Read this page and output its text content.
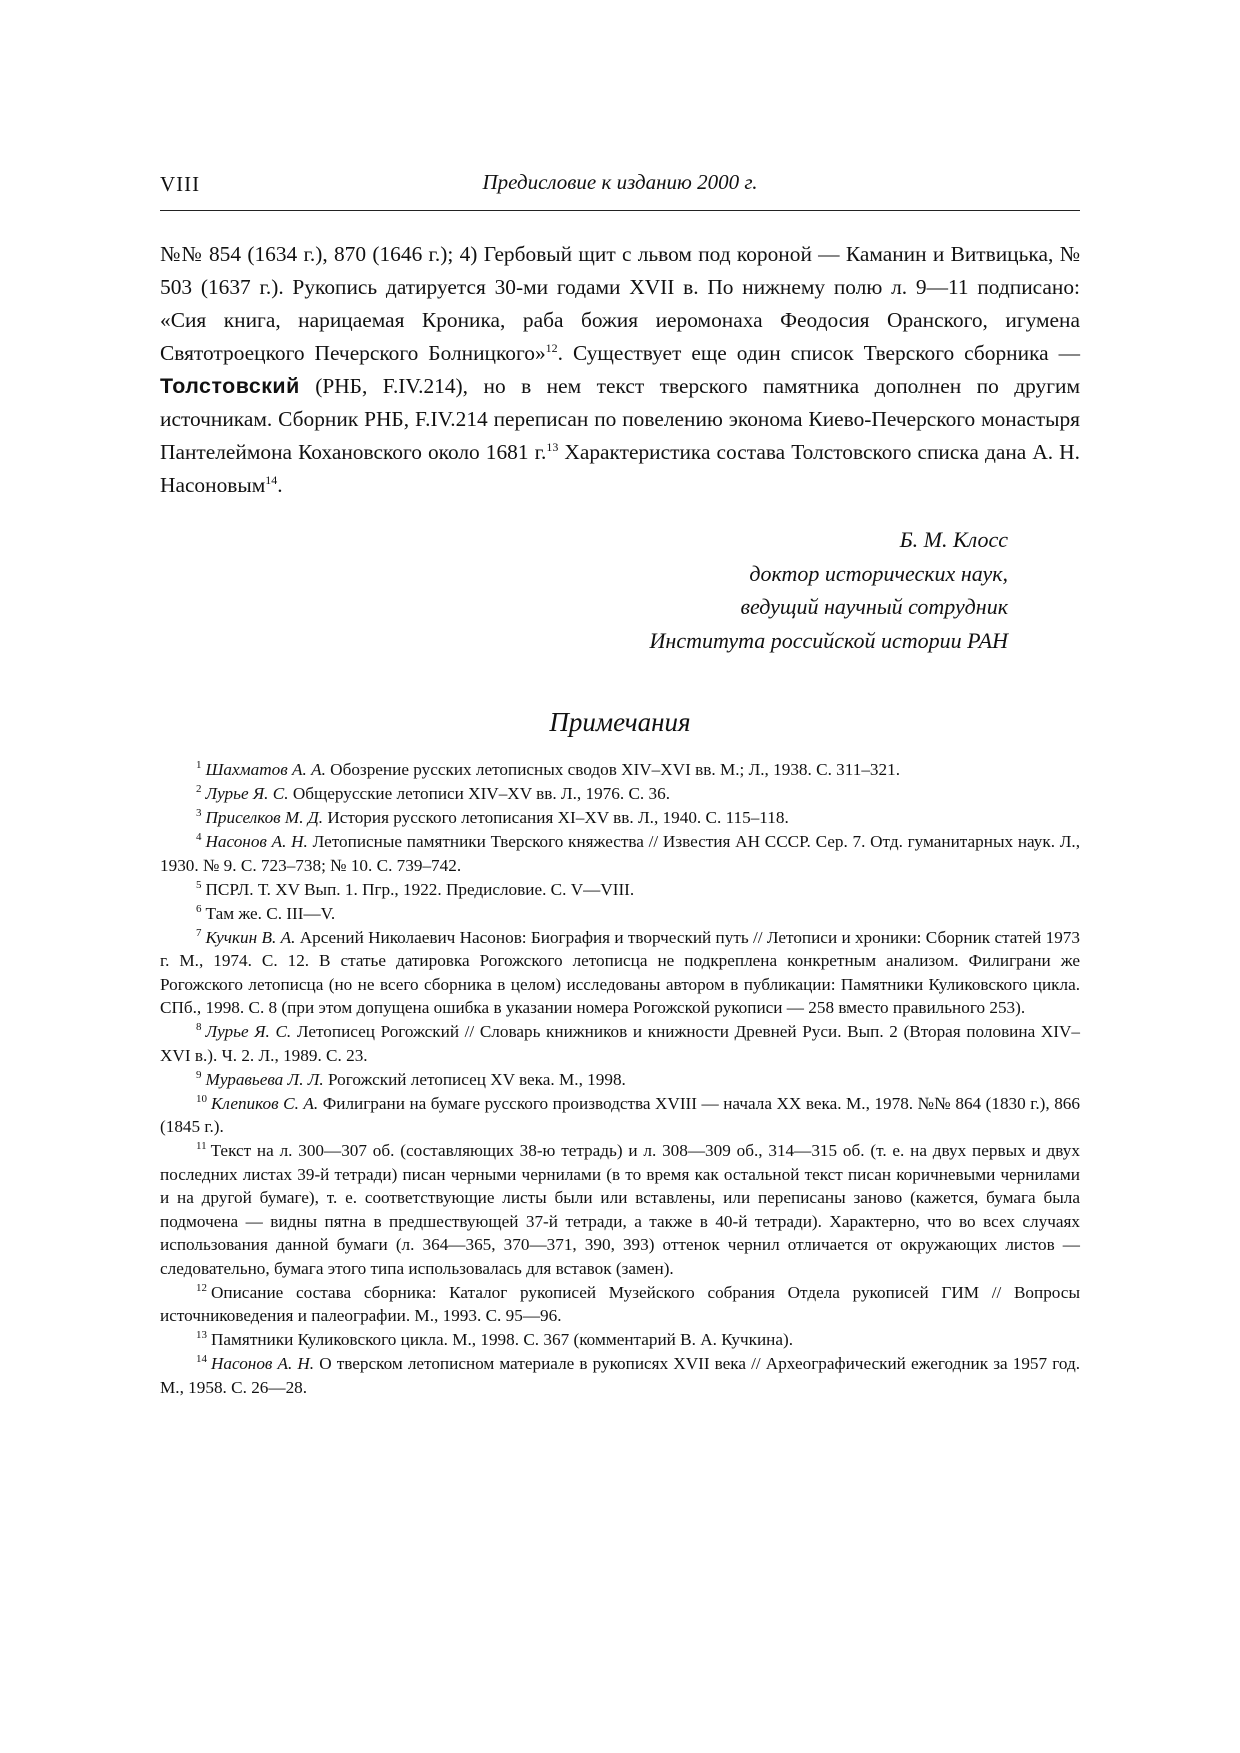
VIII	Предисловие к изданию 2000 г.

№№ 854 (1634 г.), 870 (1646 г.); 4) Гербовый щит с львом под короной — Каманин и Витвицька, № 503 (1637 г.). Рукопись датируется 30-ми годами XVII в. По нижнему полю л. 9—11 подписано: «Сия книга, нарицаемая Кроника, раба божия иеромонаха Феодосия Оранского, игумена Святотроецкого Печерского Болницкого»$^{12}$. Существует еще один список Тверского сборника — Толстовский (РНБ, F.IV.214), но в нем текст тверского памятника дополнен по другим источникам. Сборник РНБ, F.IV.214 переписан по повелению эконома Киево-Печерского монастыря Пантелеймона Кохановского около 1681 г.$^{13}$ Характеристика состава Толстовского списка дана А. Н. Насоновым$^{14}$.

Б. М. Клосс
доктор исторических наук,
ведущий научный сотрудник
Института российской истории РАН
Примечания

$^1$ Шахматов А. А. Обозрение русских летописных сводов XIV–XVI вв. М.; Л., 1938. С. 311–321.

$^2$ Лурье Я. С. Общерусские летописи XIV–XV вв. Л., 1976. С. 36.

$^3$ Приселков М. Д. История русского летописания XI–XV вв. Л., 1940. С. 115–118.

$^4$ Насонов А. Н. Летописные памятники Тверского княжества // Известия АН СССР. Сер. 7. Отд. гуманитарных наук. Л., 1930. № 9. С. 723–738; № 10. С. 739–742.

$^5$ ПСРЛ. Т. XV Вып. 1. Пгр., 1922. Предисловие. С. V—VIII.

$^6$ Там же. С. III—V.

$^7$ Кучкин В. А. Арсений Николаевич Насонов: Биография и творческий путь // Летописи и хроники: Сборник статей 1973 г. М., 1974. С. 12. В статье датировка Рогожского летописца не подкреплена конкретным анализом. Филиграни же Рогожского летописца (но не всего сборника в целом) исследованы автором в публикации: Памятники Куликовского цикла. СПб., 1998. С. 8 (при этом допущена ошибка в указании номера Рогожской рукописи — 258 вместо правильного 253).

$^8$ Лурье Я. С. Летописец Рогожский // Словарь книжников и книжности Древней Руси. Вып. 2 (Вторая половина XIV–XVI в.). Ч. 2. Л., 1989. С. 23.

$^9$ Муравьева Л. Л. Рогожский летописец XV века. М., 1998.

$^{10}$ Клепиков С. А. Филиграни на бумаге русского производства XVIII — начала XX века. М., 1978. №№ 864 (1830 г.), 866 (1845 г.).

$^{11}$ Текст на л. 300—307 об. (составляющих 38-ю тетрадь) и л. 308—309 об., 314—315 об. (т. е. на двух первых и двух последних листах 39-й тетради) писан черными чернилами (в то время как остальной текст писан коричневыми чернилами и на другой бумаге), т. е. соответствующие листы были или вставлены, или переписаны заново (кажется, бумага была подмочена — видны пятна в предшествующей 37-й тетради, а также в 40-й тетради). Характерно, что во всех случаях использования данной бумаги (л. 364—365, 370—371, 390, 393) оттенок чернил отличается от окружающих листов — следовательно, бумага этого типа использовалась для вставок (замен).

$^{12}$ Описание состава сборника: Каталог рукописей Музейского собрания Отдела рукописей ГИМ // Вопросы источниковедения и палеографии. М., 1993. С. 95—96.

$^{13}$ Памятники Куликовского цикла. М., 1998. С. 367 (комментарий В. А. Кучкина).

$^{14}$ Насонов А. Н. О тверском летописном материале в рукописях XVII века // Археографический ежегодник за 1957 год. М., 1958. С. 26—28.
